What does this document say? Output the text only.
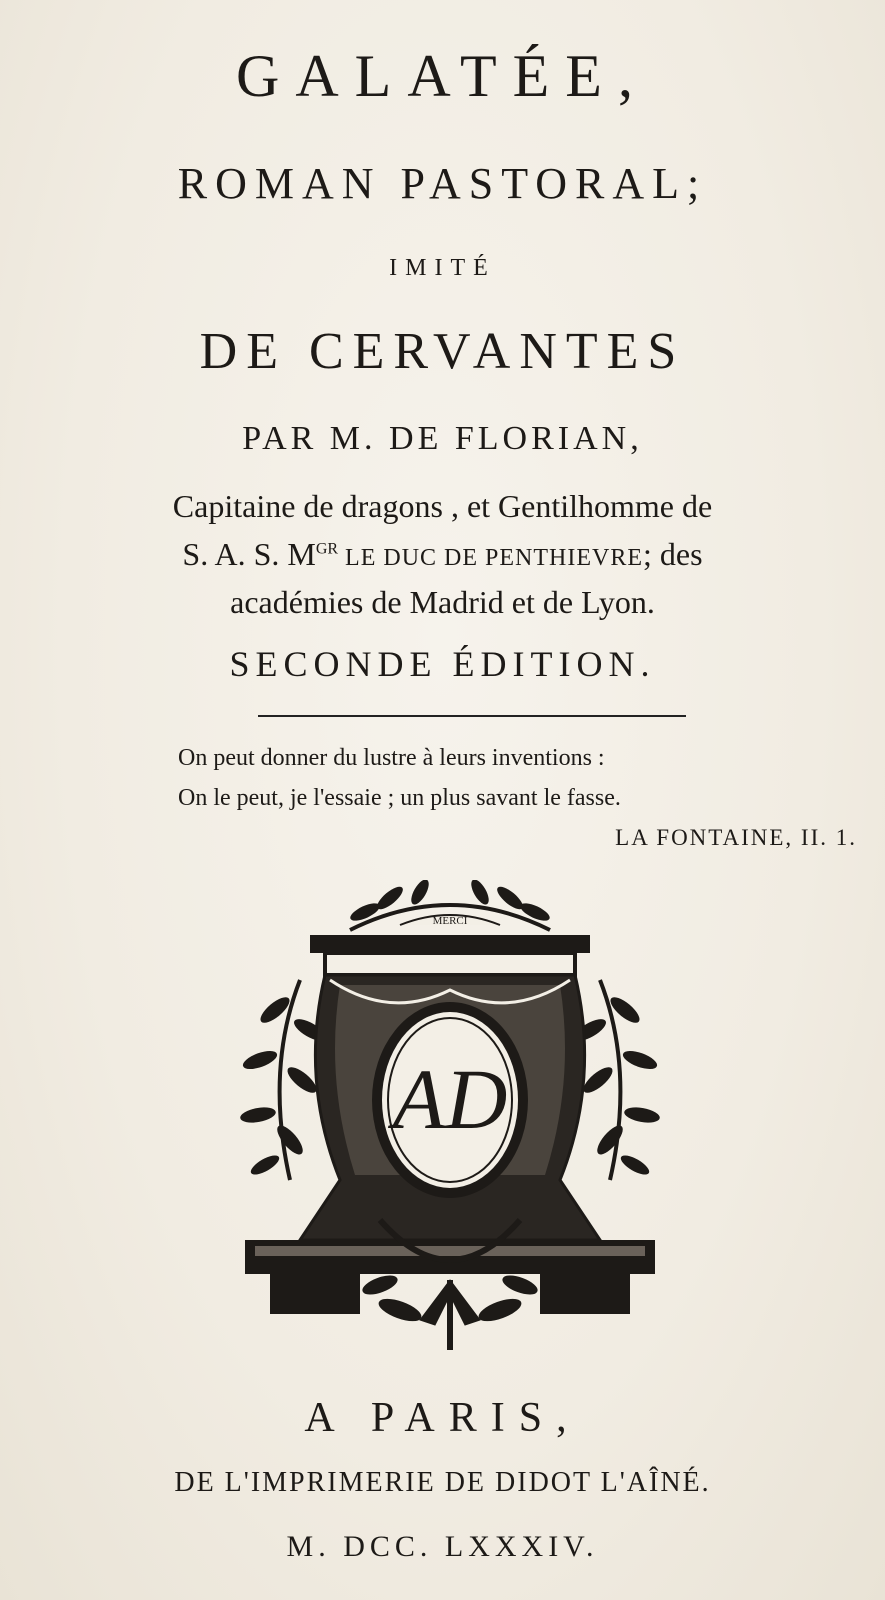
GALATÉE,
ROMAN PASTORAL;
IMITÉ
DE CERVANTES
PAR M. DE FLORIAN,
Capitaine de dragons , et Gentilhomme de
S. A. S. $M^{GR}$ LE DUC DE PENTHIEVRE; des
académies de Madrid et de Lyon.
SECONDE ÉDITION.
On peut donner du lustre à leurs inventions :
On le peut, je l'essaie ; un plus savant le fasse.
LA FONTAINE, II. 1.
MERCI
AD
A PARIS,
DE L'IMPRIMERIE DE DIDOT L'AÎNÉ.
M. DCC. LXXXIV.
